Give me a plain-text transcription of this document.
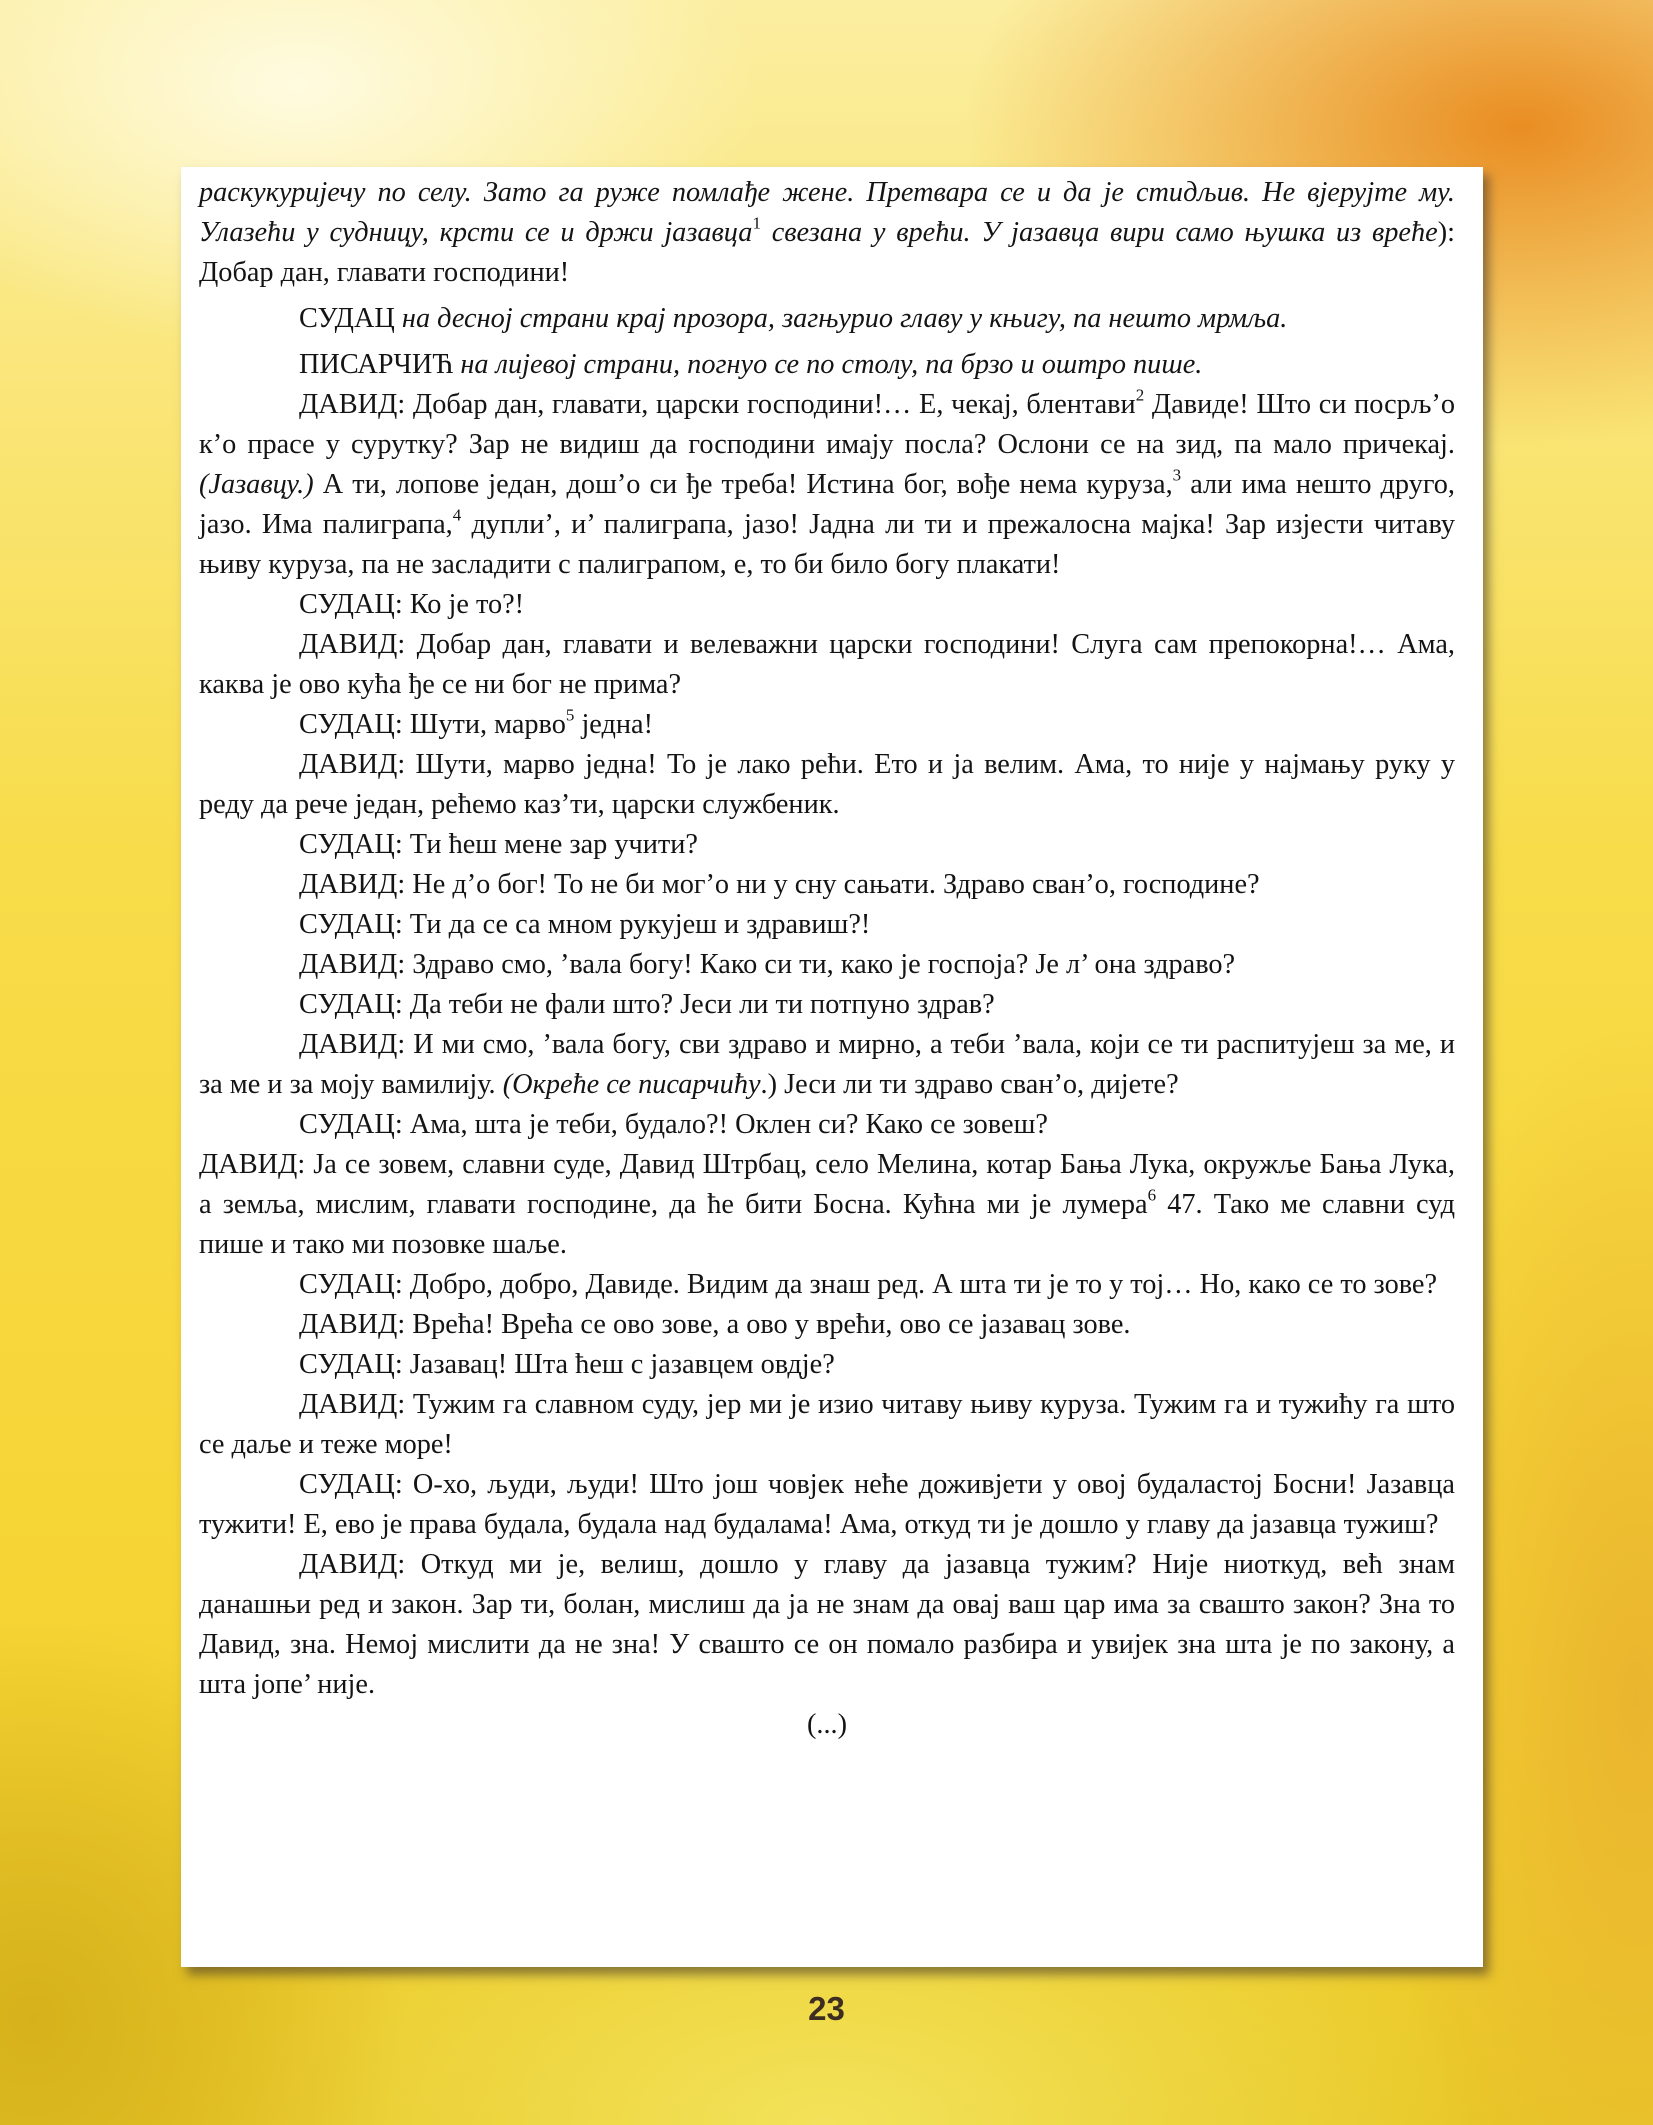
раскукуријечу по селу. Зато га руже помлађе жене. Претвара се и да је стидљив. Не вјерујте му. Улазећи у судницу, крсти се и држи јазавца$^1$ свезана у врећи. У јазавца вири само њушка из вреће): Добар дан, главати господини!

СУДАЦ на десној страни крај прозора, загњурио главу у књигу, па нешто мрмља.

ПИСАРЧИЋ на лијевој страни, погнуо се по столу, па брзо и оштро пише.

ДАВИД: Добар дан, главати, царски господини!… Е, чекај, блентави$^2$ Давиде! Што си посрљ’о к’о прасе у сурутку? Зар не видиш да господини имају посла? Ослони се на зид, па мало причекај. (Јазавцу.) А ти, лопове један, дош’о си ђе треба! Истина бог, вође нема куруза,$^3$ али има нешто друго, јазо. Има палиграпа,$^4$ дупли’, и’ палиграпа, јазо! Јадна ли ти и прежалосна мајка! Зар изјести читаву њиву куруза, па не засладити с палиграпом, е, то би било богу плакати!

СУДАЦ: Ко је то?!

ДАВИД: Добар дан, главати и велеважни царски господини! Слуга сам препокорна!… Ама, каква је ово кућа ђе се ни бог не прима?

СУДАЦ: Шути, марво$^5$ једна!

ДАВИД: Шути, марво једна! То је лако рећи. Ето и ја велим. Ама, то није у најмању руку у реду да рече један, рећемо каз’ти, царски службеник.

СУДАЦ: Ти ћеш мене зар учити?

ДАВИД: Не д’о бог! То не би мог’о ни у сну сањати. Здраво сван’о, господине?

СУДАЦ: Ти да се са мном рукујеш и здравиш?!

ДАВИД: Здраво смо, ’вала богу! Како си ти, како је госпоја? Је л’ она здраво?

СУДАЦ: Да теби не фали што? Јеси ли ти потпуно здрав?

ДАВИД: И ми смо, ’вала богу, сви здраво и мирно, а теби ’вала, који се ти распитујеш за ме, и за ме и за моју вамилију. (Окреће се писарчићу.) Јеси ли ти здраво сван’о, дијете?

СУДАЦ: Ама, шта је теби, будало?! Оклен си? Како се зовеш?

ДАВИД: Ја се зовем, славни суде, Давид Штрбац, село Мелина, котар Бања Лука, окружље Бања Лука, а земља, мислим, главати господине, да ће бити Босна. Кућна ми је лумера$^6$ 47. Тако ме славни суд пише и тако ми позовке шаље.

СУДАЦ: Добро, добро, Давиде. Видим да знаш ред. А шта ти је то у тој… Но, како се то зове?

ДАВИД: Врећа! Врећа се ово зове, а ово у врећи, ово се јазавац зове.

СУДАЦ: Јазавац! Шта ћеш с јазавцем овдје?

ДАВИД: Тужим га славном суду, јер ми је изио читаву њиву куруза. Тужим га и тужићу га што се даље и теже море!

СУДАЦ: О-хо, људи, људи! Што још човјек неће доживјети у овој будаластој Босни! Јазавца тужити! Е, ево је права будала, будала над будалама! Ама, откуд ти је дошло у главу да јазавца тужиш?

ДАВИД: Откуд ми је, велиш, дошло у главу да јазавца тужим? Није ниоткуд, већ знам данашњи ред и закон. Зар ти, болан, мислиш да ја не знам да овај ваш цар има за свашто закон? Зна то Давид, зна. Немој мислити да не зна! У свашто се он помало разбира и увијек зна шта је по закону, а шта јопе’ није.

(...)

23
